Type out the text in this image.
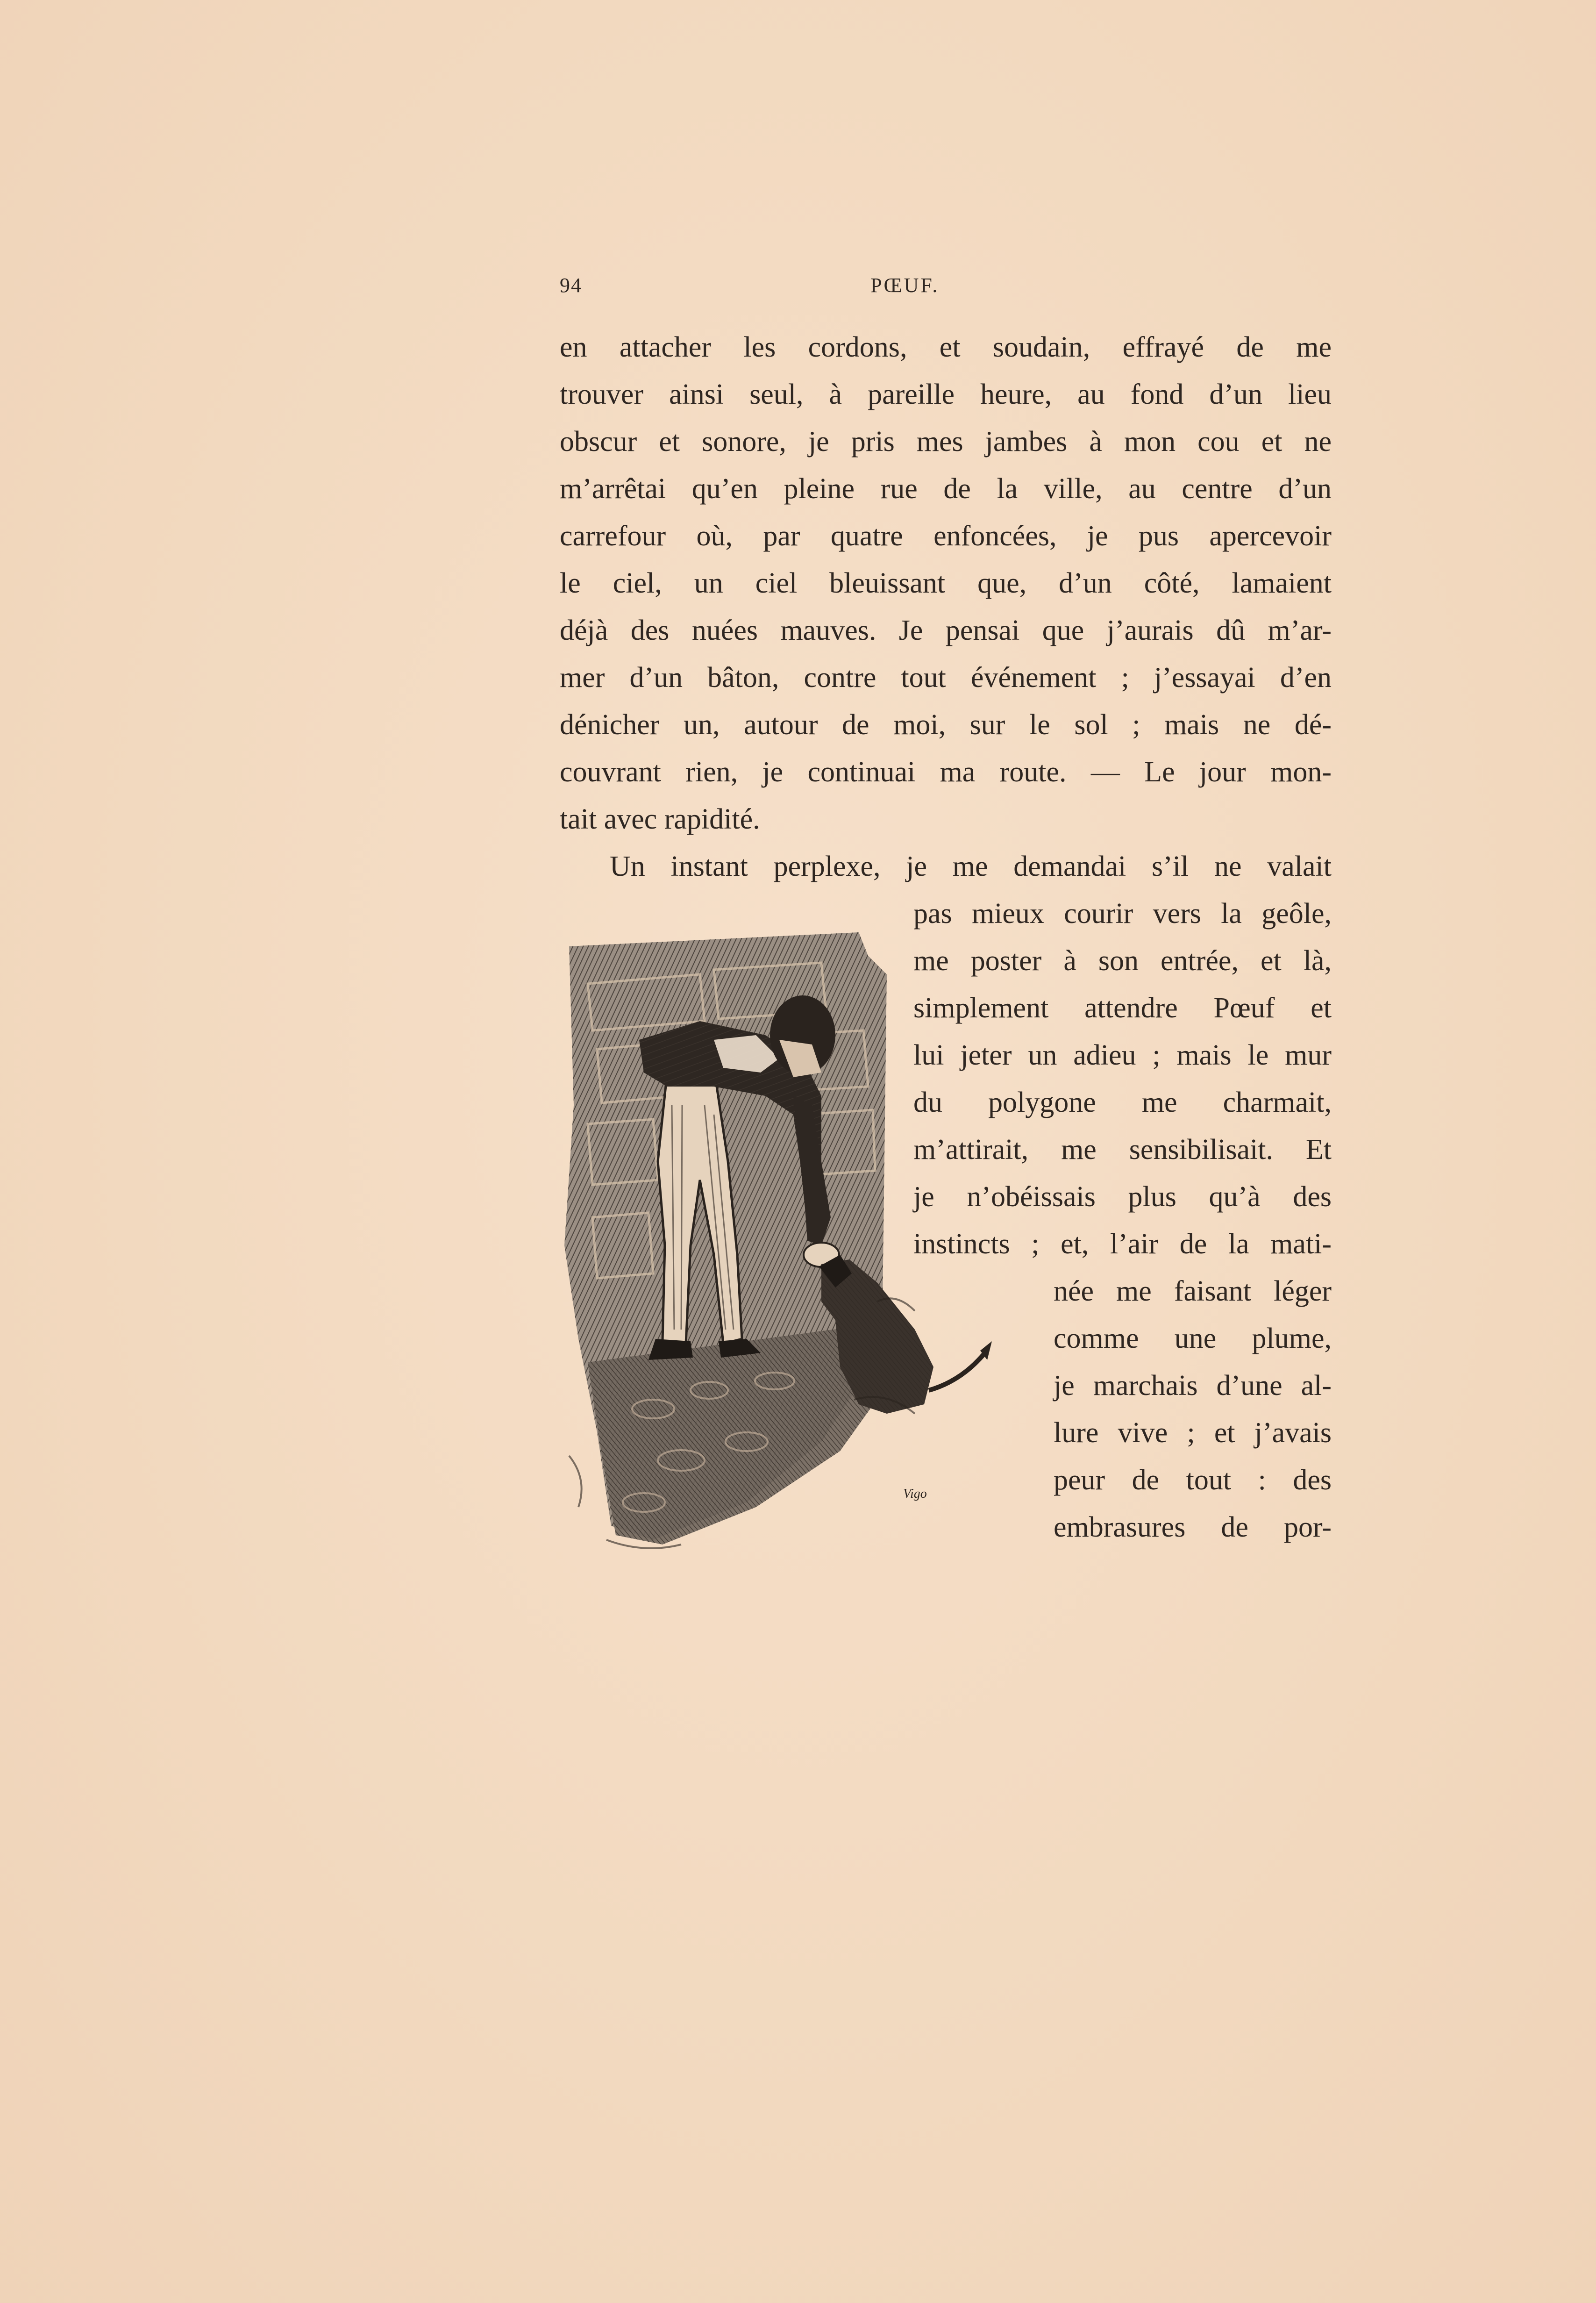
94	PŒUF.
en attacher les cordons, et soudain, effrayé de me
trouver ainsi seul, à pareille heure, au fond d’un lieu
obscur et sonore, je pris mes jambes à mon cou et ne
m’arrêtai qu’en pleine rue de la ville, au centre d’un
carrefour où, par quatre enfoncées, je pus apercevoir
le ciel, un ciel bleuissant que, d’un côté, lamaient
déjà des nuées mauves. Je pensai que j’aurais dû m’ar-
mer d’un bâton, contre tout événement ; j’essayai d’en
dénicher un, autour de moi, sur le sol ; mais ne dé-
couvrant rien, je continuai ma route. — Le jour mon-
tait avec rapidité.
Un instant perplexe, je me demandai s’il ne valait
pas mieux courir vers la geôle,
me poster à son entrée, et là,
simplement attendre Pœuf et
lui jeter un adieu ; mais le mur
du polygone me charmait,
m’attirait, me sensibilisait. Et
je n’obéissais plus qu’à des
instincts ; et, l’air de la mati-
née me faisant léger
comme une plume,
je marchais d’une al-
lure vive ; et j’avais
peur de tout : des
embrasures de por-
Vigo
